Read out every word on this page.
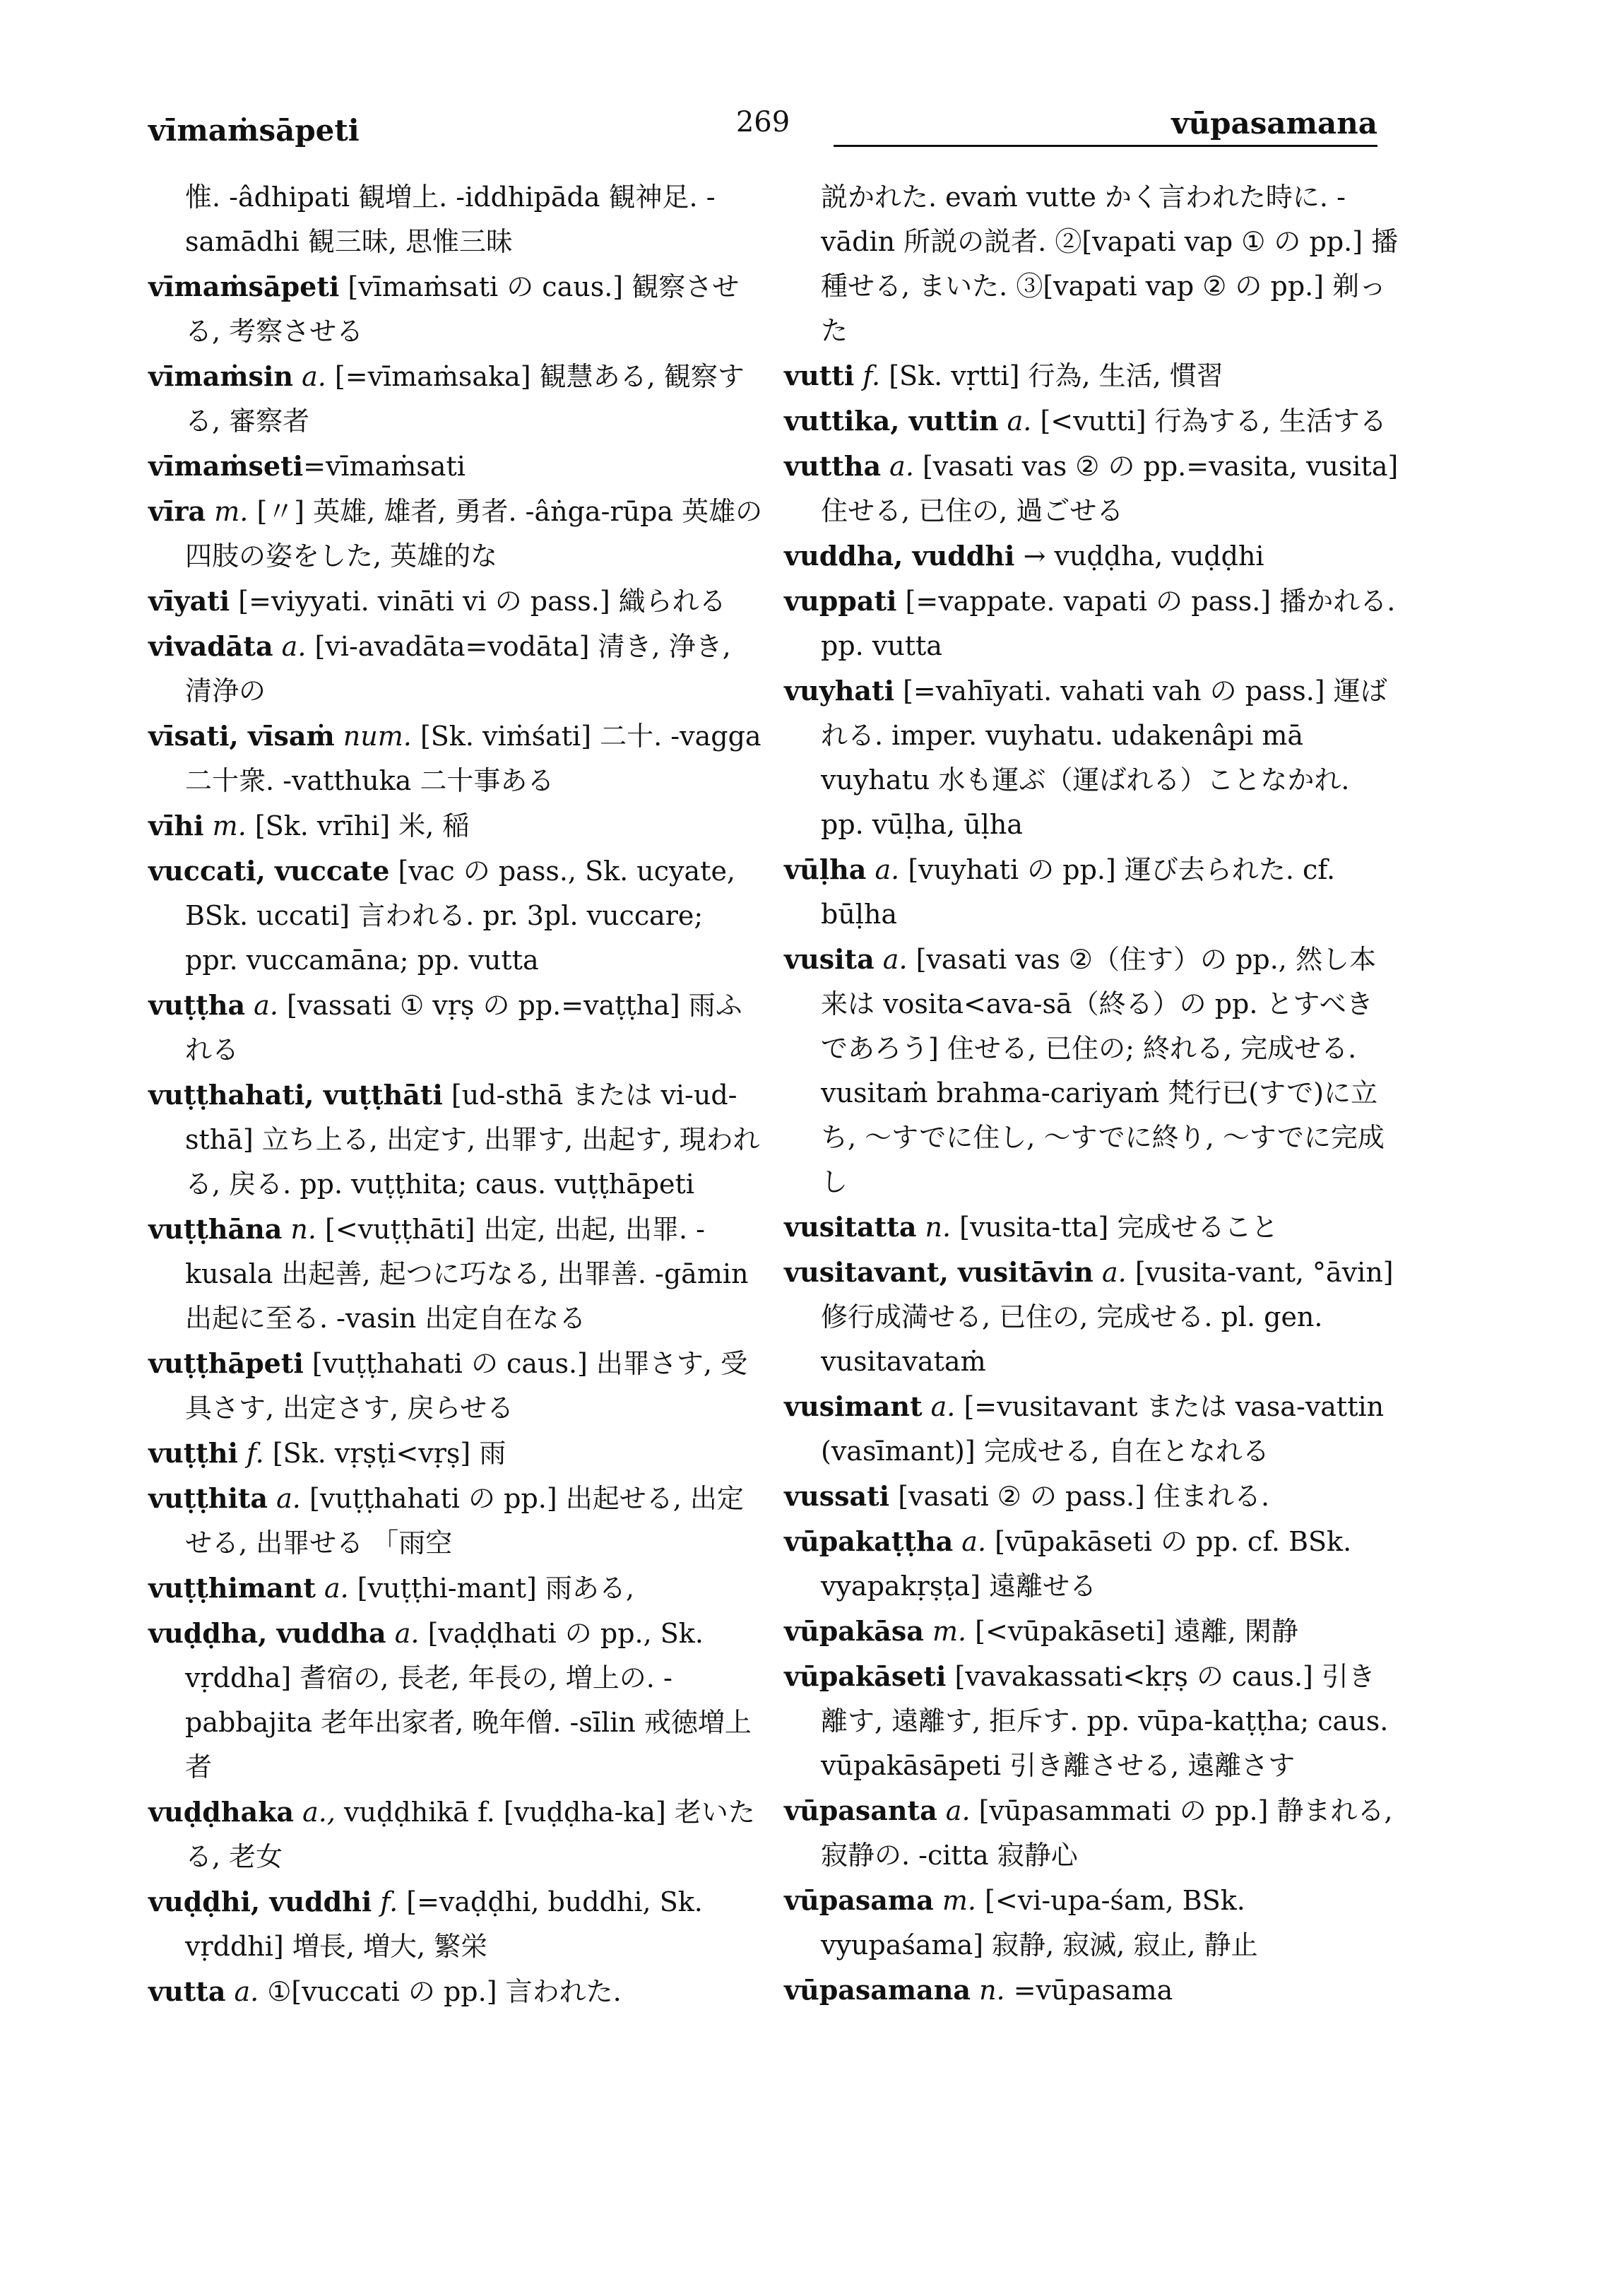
vīmaṁsāpeti	269	vūpasamana

惟. -âdhipati 観増上. -iddhipāda 観神足. -samādhi 観三昧, 思惟三昧

vīmaṁsāpeti [vīmaṁsati の caus.] 観察させる, 考察させる

vīmaṁsin a. [=vīmaṁsaka] 観慧ある, 観察する, 審察者

vīmaṁseti=vīmaṁsati

vīra m. [〃] 英雄, 雄者, 勇者. -âṅga-rūpa 英雄の四肢の姿をした, 英雄的な

vīyati [=viyyati. vināti vi の pass.] 織られる

vivadāta a. [vi-avadāta=vodāta] 清き, 浄き, 清浄の

vīsati, vīsaṁ num. [Sk. viṁśati] 二十. -vagga 二十衆. -vatthuka 二十事ある

vīhi m. [Sk. vrīhi] 米, 稲

vuccati, vuccate [vac の pass., Sk. ucyate, BSk. uccati] 言われる. pr. 3pl. vuccare; ppr. vuccamāna; pp. vutta

vuṭṭha a. [vassati ① vṛṣ の pp.=vaṭṭha] 雨ふれる

vuṭṭhahati, vuṭṭhāti [ud-sthā または vi-ud-sthā] 立ち上る, 出定す, 出罪す, 出起す, 現われる, 戻る. pp. vuṭṭhita; caus. vuṭṭhāpeti

vuṭṭhāna n. [<vuṭṭhāti] 出定, 出起, 出罪. -kusala 出起善, 起つに巧なる, 出罪善. -gāmin 出起に至る. -vasin 出定自在なる

vuṭṭhāpeti [vuṭṭhahati の caus.] 出罪さす, 受具さす, 出定さす, 戻らせる

vuṭṭhi f. [Sk. vṛṣṭi<vṛṣ] 雨

vuṭṭhita a. [vuṭṭhahati の pp.] 出起せる, 出定せる, 出罪せる 「雨空

vuṭṭhimant a. [vuṭṭhi-mant] 雨ある,

vuḍḍha, vuddha a. [vaḍḍhati の pp., Sk. vṛddha] 耆宿の, 長老, 年長の, 増上の. -pabbajita 老年出家者, 晩年僧. -sīlin 戒徳増上者

vuḍḍhaka a., vuḍḍhikā f. [vuḍḍha-ka] 老いたる, 老女

vuḍḍhi, vuddhi f. [=vaḍḍhi, buddhi, Sk. vṛddhi] 増長, 増大, 繁栄

vutta a. ①[vuccati の pp.] 言われた.

説かれた. evaṁ vutte かく言われた時に. -vādin 所説の説者. ②[vapati vap ① の pp.] 播種せる, まいた. ③[vapati vap ② の pp.] 剃った

vutti f. [Sk. vṛtti] 行為, 生活, 慣習

vuttika, vuttin a. [<vutti] 行為する, 生活する

vuttha a. [vasati vas ② の pp.=vasita, vusita] 住せる, 已住の, 過ごせる

vuddha, vuddhi → vuḍḍha, vuḍḍhi

vuppati [=vappate. vapati の pass.] 播かれる. pp. vutta

vuyhati [=vahīyati. vahati vah の pass.] 運ばれる. imper. vuyhatu. udakenâpi mā vuyhatu 水も運ぶ（運ばれる）ことなかれ. pp. vūḷha, ūḷha

vūḷha a. [vuyhati の pp.] 運び去られた. cf. būḷha

vusita a. [vasati vas ②（住す）の pp., 然し本来は vosita<ava-sā（終る）の pp. とすべきであろう] 住せる, 已住の; 終れる, 完成せる. vusitaṁ brahma-cariyaṁ 梵行已(すで)に立ち, ～すでに住し, ～すでに終り, ～すでに完成し

vusitatta n. [vusita-tta] 完成せること

vusitavant, vusitāvin a. [vusita-vant, °āvin] 修行成満せる, 已住の, 完成せる. pl. gen. vusitavataṁ

vusimant a. [=vusitavant または vasa-vattin (vasīmant)] 完成せる, 自在となれる

vussati [vasati ② の pass.] 住まれる.

vūpakaṭṭha a. [vūpakāseti の pp. cf. BSk. vyapakṛṣṭa] 遠離せる

vūpakāsa m. [<vūpakāseti] 遠離, 閑静

vūpakāseti [vavakassati<kṛṣ の caus.] 引き離す, 遠離す, 拒斥す. pp. vūpa-kaṭṭha; caus. vūpakāsāpeti 引き離させる, 遠離さす

vūpasanta a. [vūpasammati の pp.] 静まれる, 寂静の. -citta 寂静心

vūpasama m. [<vi-upa-śam, BSk. vyupaśama] 寂静, 寂滅, 寂止, 静止

vūpasamana n. =vūpasama
